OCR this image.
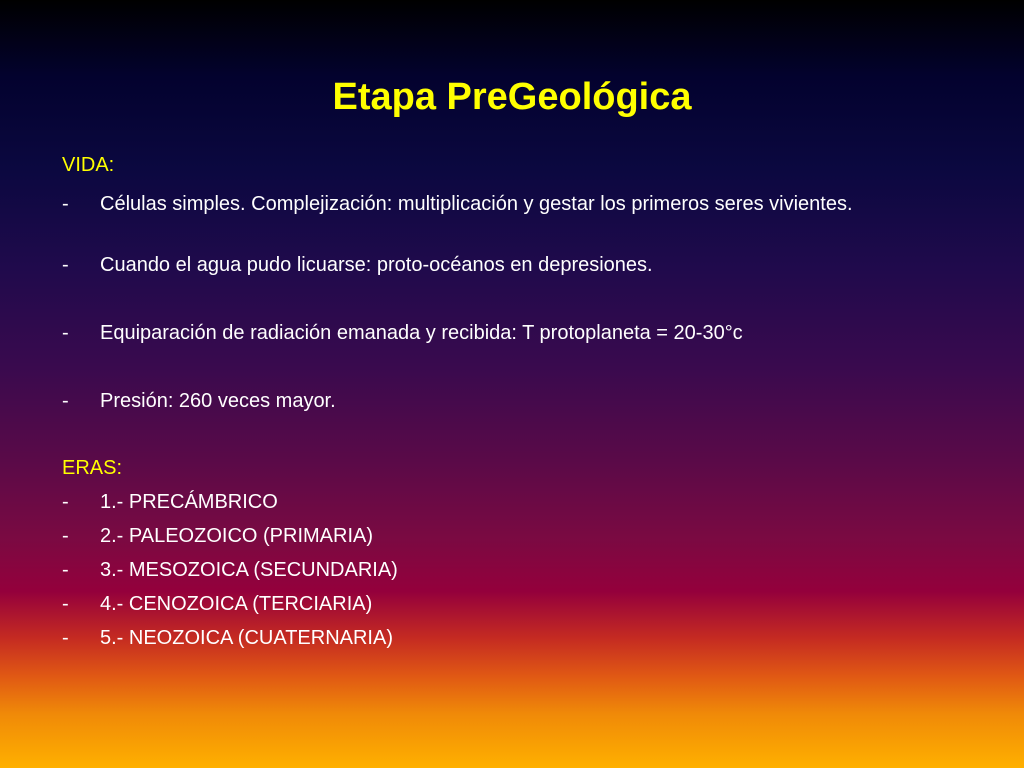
Etapa PreGeológica
VIDA:
-	Células simples. Complejización: multiplicación y gestar los primeros seres vivientes.
-	Cuando el agua pudo licuarse: proto-océanos en depresiones.
-	Equiparación de radiación emanada y recibida: T protoplaneta = 20-30°c
-	Presión: 260 veces mayor.
ERAS:
-	1.- PRECÁMBRICO
-	2.- PALEOZOICO (PRIMARIA)
-	3.- MESOZOICA (SECUNDARIA)
-	4.- CENOZOICA (TERCIARIA)
-	5.- NEOZOICA (CUATERNARIA)
